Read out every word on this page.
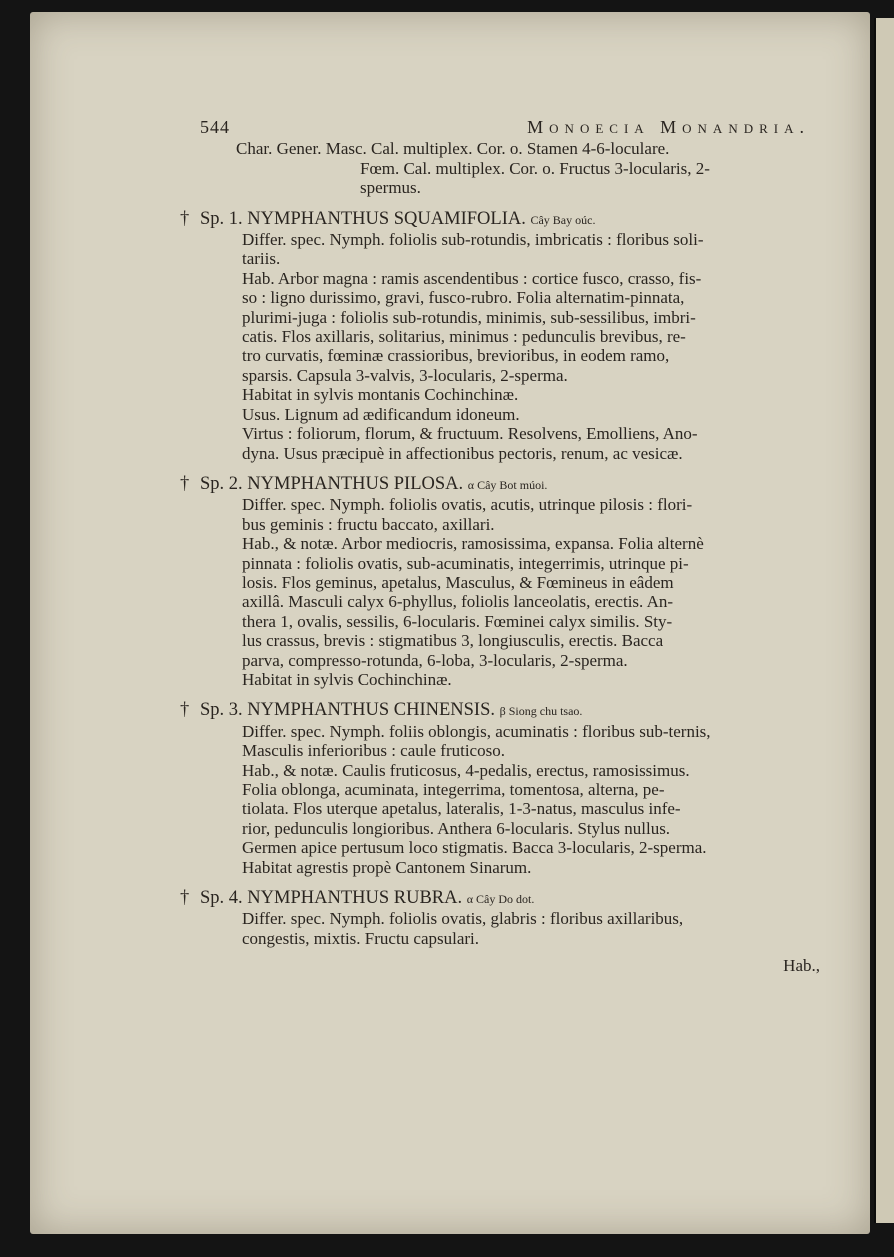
544	Monoecia Monandria.
Char. Gener. Masc. Cal. multiplex. Cor. o. Stamen 4-6-loculare.
Fœm. Cal. multiplex. Cor. o. Fructus 3-locularis, 2-
spermus.
† Sp. 1. NYMPHANTHUS SQUAMIFOLIA. Cây Bay oúc.
Differ. spec. Nymph. foliolis sub-rotundis, imbricatis : floribus soli-
tariis.
Hab. Arbor magna : ramis ascendentibus : cortice fusco, crasso, fis-
so : ligno durissimo, gravi, fusco-rubro. Folia alternatim-pinnata,
plurimi-juga : foliolis sub-rotundis, minimis, sub-sessilibus, imbri-
catis. Flos axillaris, solitarius, minimus : pedunculis brevibus, re-
tro curvatis, fœminæ crassioribus, brevioribus, in eodem ramo,
sparsis. Capsula 3-valvis, 3-locularis, 2-sperma.
Habitat in sylvis montanis Cochinchinæ.
Usus. Lignum ad ædificandum idoneum.
Virtus : foliorum, florum, & fructuum. Resolvens, Emolliens, Ano-
dyna. Usus præcipuè in affectionibus pectoris, renum, ac vesicæ.
† Sp. 2. NYMPHANTHUS PILOSA. α Cây Bot múoi.
Differ. spec. Nymph. foliolis ovatis, acutis, utrinque pilosis : flori-
bus geminis : fructu baccato, axillari.
Hab., & notæ. Arbor mediocris, ramosissima, expansa. Folia alternè
pinnata : foliolis ovatis, sub-acuminatis, integerrimis, utrinque pi-
losis. Flos geminus, apetalus, Masculus, & Fœmineus in eâdem
axillâ. Masculi calyx 6-phyllus, foliolis lanceolatis, erectis. An-
thera 1, ovalis, sessilis, 6-locularis. Fœminei calyx similis. Sty-
lus crassus, brevis : stigmatibus 3, longiusculis, erectis. Bacca
parva, compresso-rotunda, 6-loba, 3-locularis, 2-sperma.
Habitat in sylvis Cochinchinæ.
† Sp. 3. NYMPHANTHUS CHINENSIS. β Siong chu tsao.
Differ. spec. Nymph. foliis oblongis, acuminatis : floribus sub-ternis,
Masculis inferioribus : caule fruticoso.
Hab., & notæ. Caulis fruticosus, 4-pedalis, erectus, ramosissimus.
Folia oblonga, acuminata, integerrima, tomentosa, alterna, pe-
tiolata. Flos uterque apetalus, lateralis, 1-3-natus, masculus infe-
rior, pedunculis longioribus. Anthera 6-locularis. Stylus nullus.
Germen apice pertusum loco stigmatis. Bacca 3-locularis, 2-sperma.
Habitat agrestis propè Cantonem Sinarum.
† Sp. 4. NYMPHANTHUS RUBRA. α Cây Do dot.
Differ. spec. Nymph. foliolis ovatis, glabris : floribus axillaribus,
congestis, mixtis. Fructu capsulari.
Hab.,
